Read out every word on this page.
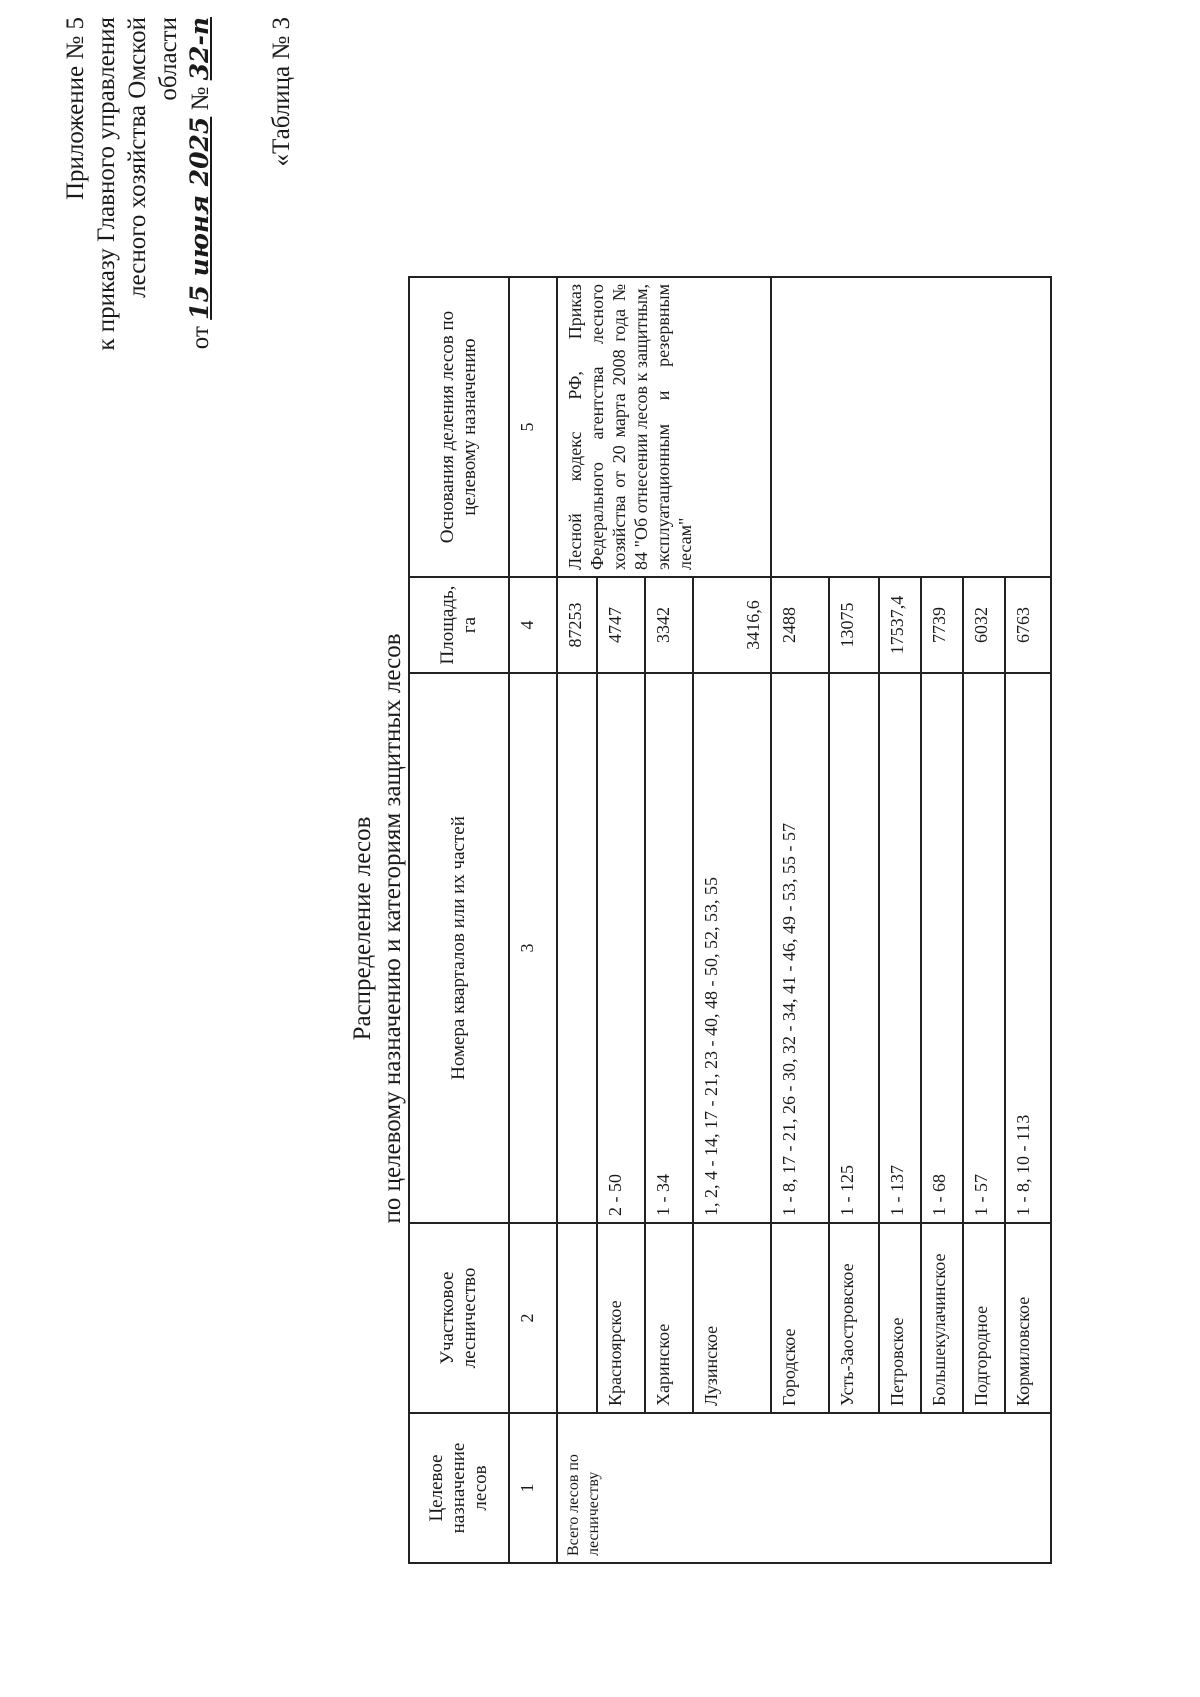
Приложение № 5 к приказу Главного управления лесного хозяйства Омской области
от 15 июня 2025 № 32-п «Таблица № 3
Распределение лесов по целевому назначению и категориям защитных лесов
Целевое назначение лесов	Участковое лесничество	Номера кварталов или их частей	Площадь, га	Основания деления лесов по целевому назначению
1	2	3	4	5
Всего лесов по лесничеству			87253	Лесной кодекс РФ, Приказ Федерального агентства лесного хозяйства от 20 марта 2008 года № 84 "Об отнесении лесов к защитным, эксплуатационным и резервным лесам"
	Красноярское	2 - 50	4747	
	Харинское	1 - 34	3342	
	Лузинское	1, 2, 4 - 14, 17 - 21, 23 - 40, 48 - 50, 52, 53, 55	3416,6	
	Городское	1 - 8, 17 - 21, 26 - 30, 32 - 34, 41 - 46, 49 - 53, 55 - 57	2488	
	Усть-Заостровское	1 - 125	13075	
	Петровское	1 - 137	17537,4	
	Большекулачинское	1 - 68	7739	
	Подгородное	1 - 57	6032	
	Кормиловское	1 - 8, 10 - 113	6763	
